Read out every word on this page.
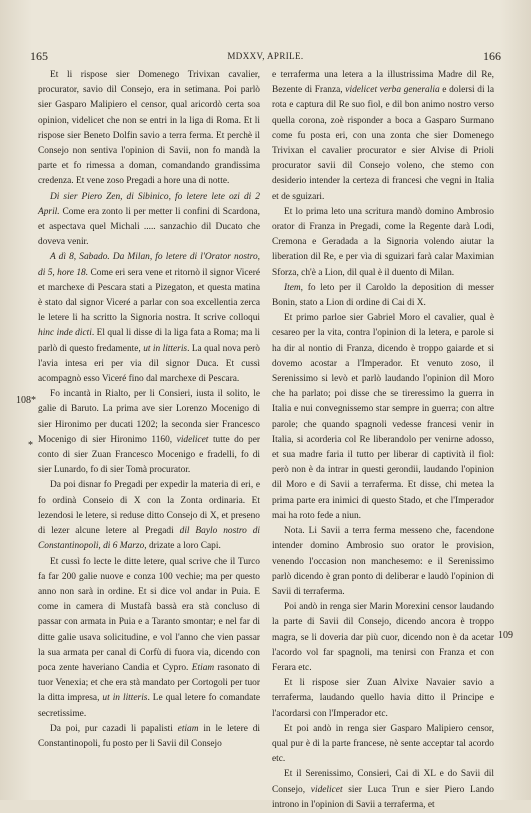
165	MDXXV, APRILE.	166
108*
*
109

Et li rispose sier Domenego Trivixan cavalier, procurator, savio dil Consejo, era in setimana. Poi parlò sier Gasparo Malipiero el censor, qual aricordò certa soa opinion, videlicet che non se entri in la liga di Roma. Et li rispose sier Beneto Dolfin savio a terra ferma. Et perchè il Consejo non sentiva l'opinion di Savii, non fo mandà la parte et fo rimessa a doman, comandando grandissima credenza. Et vene zoso Pregadi a hore una di notte.

Di sier Piero Zen, di Sibinico, fo letere lete ozi di 2 April. Come era zonto li per metter li confini di Scardona, et aspectava quel Michali ..... sanzachio dil Ducato che doveva venir.

A dì 8, Sabado. Da Milan, fo letere di l'Orator nostro, di 5, hore 18. Come eri sera vene et ritornò il signor Viceré et marchexe di Pescara stati a Pizegaton, et questa matina è stato dal signor Viceré a parlar con soa excellentia zerca le letere li ha scritto la Signoria nostra. It scrive colloqui hinc inde dicti. El qual li disse di la liga fata a Roma; ma li parlò di questo fredamente, ut in litteris. La qual nova però l'avia intesa eri per via dil signor Duca. Et cussì acompagnò esso Viceré fino dal marchexe di Pescara.

Fo incantà in Rialto, per li Consieri, iusta il solito, le galie di Baruto. La prima ave sier Lorenzo Mocenigo di sier Hironimo per ducati 1202; la seconda sier Francesco Mocenigo di sier Hironimo 1160, videlicet tutte do per conto di sier Zuan Francesco Mocenigo e fradelli, fo di sier Lunardo, fo di sier Tomà procurator.

Da poi disnar fo Pregadi per expedir la materia di eri, e fo ordinà Conseio di X con la Zonta ordinaria. Et lezendosi le letere, si reduse ditto Consejo di X, et preseno di lezer alcune letere al Pregadi dil Baylo nostro di Constantinopoli, di 6 Marzo, drizate a loro Capi.

Et cussì fo lecte le ditte letere, qual scrive che il Turco fa far 200 galie nuove e conza 100 vechie; ma per questo anno non sarà in ordine. Et si dice vol andar in Puia. E come in camera di Mustafà bassà era stà concluso di passar con armata in Puia e a Taranto smontar; e nel far di ditte galie usava solicitudine, e vol l'anno che vien passar la sua armata per canal di Corfù di fuora via, dicendo con poca zente haveriano Candia et Cypro. Etiam rasonato di tuor Venexia; et che era stà mandato per Cortogoli per tuor la ditta impresa, ut in litteris. Le qual letere fo comandate secretissime.

Da poi, pur cazadi li papalisti etiam in le letere di Constantinopoli, fu posto per li Savii dil Consejo

e terraferma una letera a la illustrissima Madre dil Re, Bezente di Franza, videlicet verba generalia e dolersi di la rota e captura dil Re suo fiol, e dil bon animo nostro verso quella corona, zoè risponder a boca a Gasparo Surmano come fu posta eri, con una zonta che sier Domenego Trivixan el cavalier procurator e sier Alvise di Prioli procurator savii dil Consejo voleno, che stemo con desiderio intender la certeza di francesi che vegni in Italia et de sguizari.

Et lo prima leto una scritura mandò domino Ambrosio orator di Franza in Pregadi, come la Regente darà Lodi, Cremona e Geradada a la Signoria volendo aiutar la liberation dil Re, e per vìa di sguizari farà calar Maximian Sforza, ch'è a Lion, dil qual è il duento di Milan.

Item, fo leto per il Caroldo la deposition di messer Bonin, stato a Lion di ordine di Cai di X.

Et primo parloe sier Gabriel Moro el cavalier, qual è cesareo per la vita, contra l'opinion di la letera, e parole si ha dir al nontio di Franza, dicendo è troppo gaiarde et si dovemo acostar a l'Imperador. Et venuto zoso, il Serenissimo si levò et parlò laudando l'opinion dil Moro che ha parlato; poi disse che se tireressimo la guerra in Italia e nui convegnissemo star sempre in guerra; con altre parole; che quando spagnoli vedesse francesi venir in Italia, si acorderia col Re liberandolo per venirne adosso, et sua madre faria il tutto per liberar di captività il fiol: però non è da intrar in questi gerondii, laudando l'opinion dil Moro e di Savii a terraferma. Et disse, chi metea la prima parte era inimici di questo Stado, et che l'Imperador mai ha roto fede a niun.

Nota. Li Savii a terra ferma messeno che, facendone intender domino Ambrosio suo orator le provision, venendo l'occasion non manchesemo: e il Serenissimo parlò dicendo è gran ponto di deliberar e laudò l'opinion di Savii di terraferma.

Poi andò in renga sier Marin Morexini censor laudando la parte di Savii dil Consejo, dicendo ancora è troppo magra, se li doveria dar più cuor, dicendo non è da acetar l'acordo vol far spagnoli, ma tenirsi con Franza et con Ferara etc.

Et li rispose sier Zuan Alvixe Navaier savio a terraferma, laudando quello havia ditto il Principe e l'acordarsi con l'Imperador etc.

Et poi andò in renga sier Gasparo Malipiero censor, qual pur è di la parte francese, nè sente acceptar tal acordo etc.

Et il Serenissimo, Consieri, Cai di XL e do Savii dil Consejo, videlicet sier Luca Trun e sier Piero Lando introno in l'opinion di Savii a terraferma, et
